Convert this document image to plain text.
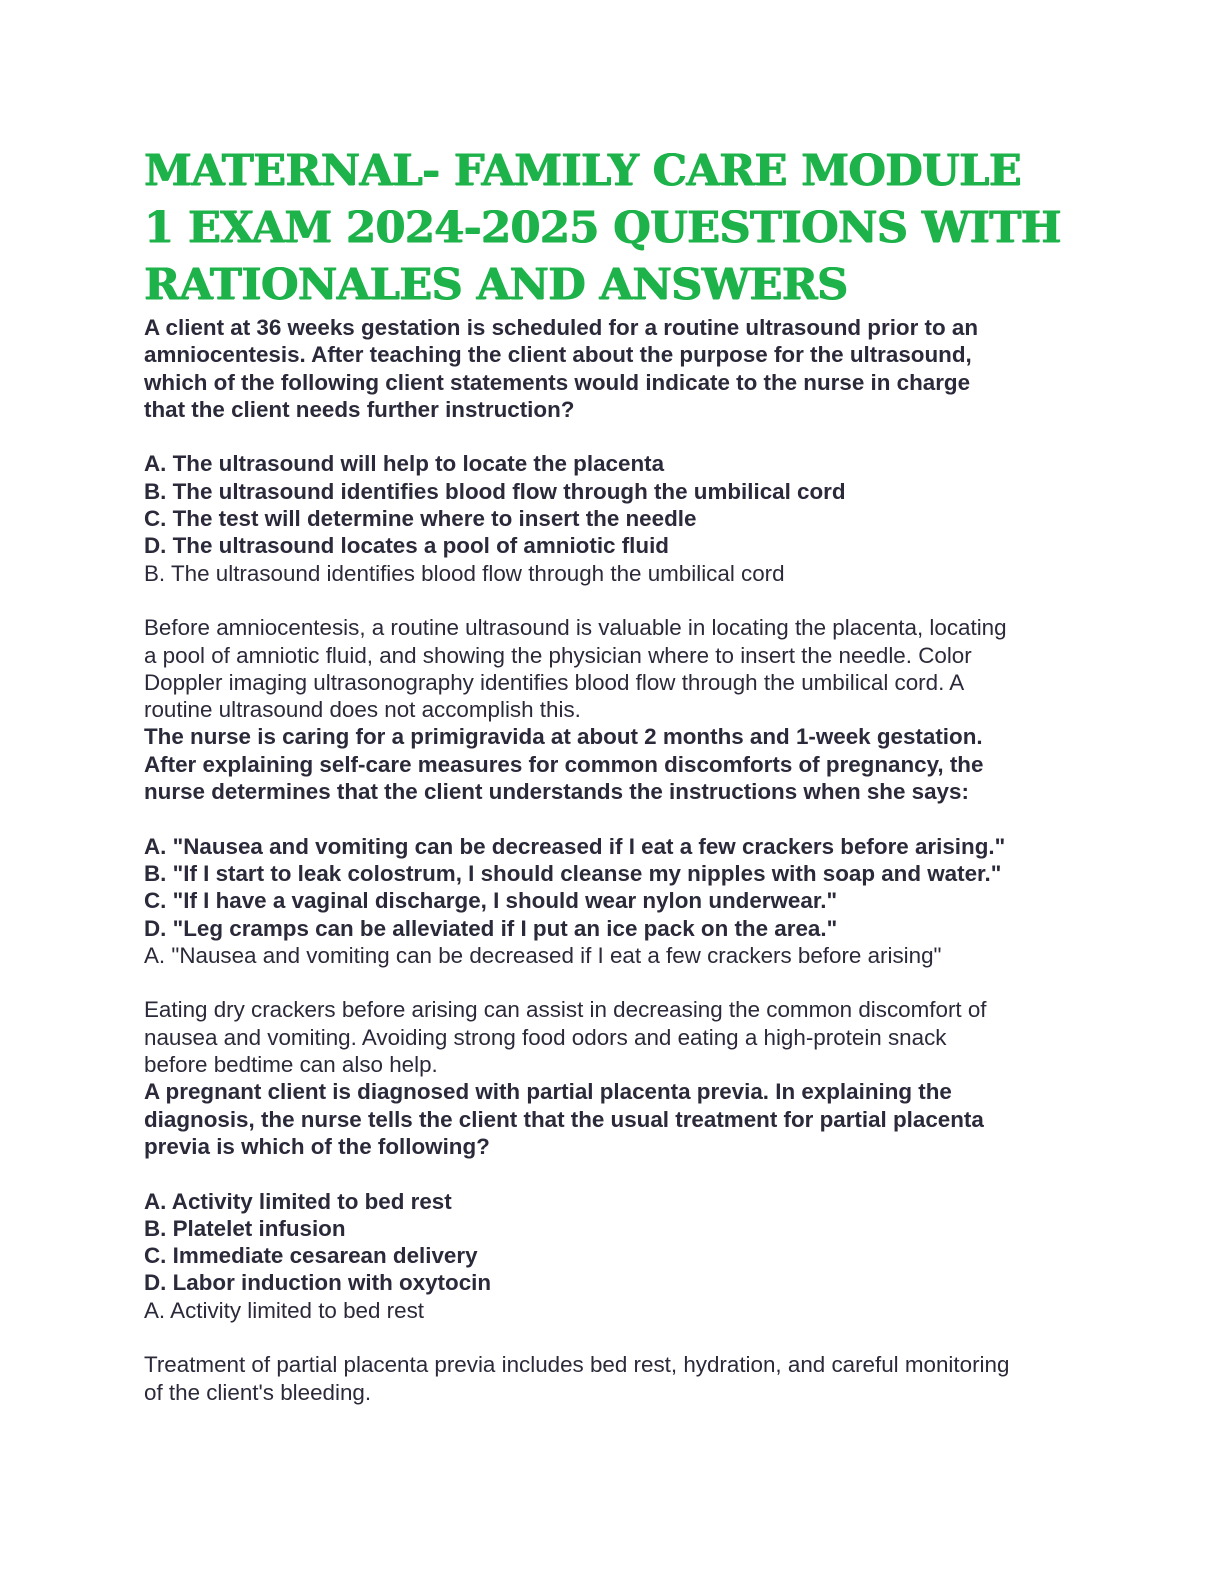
MATERNAL- FAMILY CARE MODULE
1 EXAM 2024-2025 QUESTIONS WITH
RATIONALES AND ANSWERS
A client at 36 weeks gestation is scheduled for a routine ultrasound prior to an
amniocentesis. After teaching the client about the purpose for the ultrasound,
which of the following client statements would indicate to the nurse in charge
that the client needs further instruction?
A. The ultrasound will help to locate the placenta
B. The ultrasound identifies blood flow through the umbilical cord
C. The test will determine where to insert the needle
D. The ultrasound locates a pool of amniotic fluid

B. The ultrasound identifies blood flow through the umbilical cord

Before amniocentesis, a routine ultrasound is valuable in locating the placenta, locating
a pool of amniotic fluid, and showing the physician where to insert the needle. Color
Doppler imaging ultrasonography identifies blood flow through the umbilical cord. A
routine ultrasound does not accomplish this.
The nurse is caring for a primigravida at about 2 months and 1-week gestation.
After explaining self-care measures for common discomforts of pregnancy, the
nurse determines that the client understands the instructions when she says:
A. "Nausea and vomiting can be decreased if I eat a few crackers before arising."
B. "If I start to leak colostrum, I should cleanse my nipples with soap and water."
C. "If I have a vaginal discharge, I should wear nylon underwear."
D. "Leg cramps can be alleviated if I put an ice pack on the area."

A. "Nausea and vomiting can be decreased if I eat a few crackers before arising"

Eating dry crackers before arising can assist in decreasing the common discomfort of
nausea and vomiting. Avoiding strong food odors and eating a high-protein snack
before bedtime can also help.
A pregnant client is diagnosed with partial placenta previa. In explaining the
diagnosis, the nurse tells the client that the usual treatment for partial placenta
previa is which of the following?
A. Activity limited to bed rest
B. Platelet infusion
C. Immediate cesarean delivery
D. Labor induction with oxytocin

A. Activity limited to bed rest

Treatment of partial placenta previa includes bed rest, hydration, and careful monitoring
of the client's bleeding.
